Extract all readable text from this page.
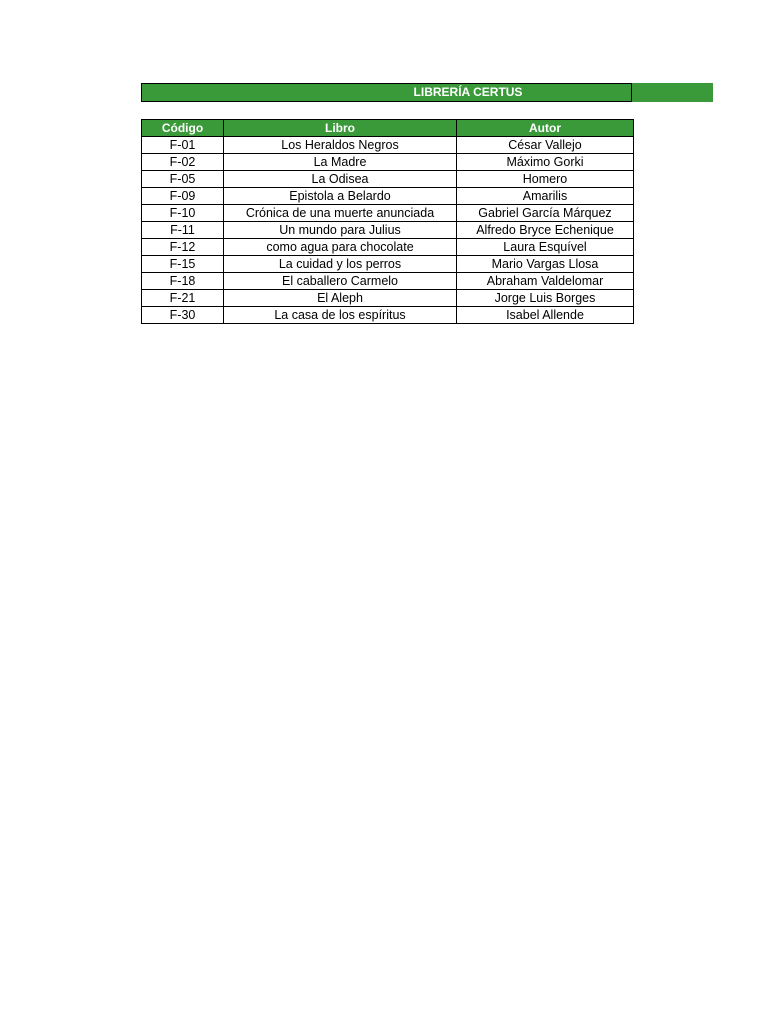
LIBRERÍA CERTUS
Código	Libro	Autor
F-01	Los Heraldos Negros	César Vallejo
F-02	La Madre	Máximo Gorki
F-05	La Odisea	Homero
F-09	Epistola a Belardo	Amarilis
F-10	Crónica de una muerte anunciada	Gabriel García Márquez
F-11	Un mundo para Julius	Alfredo Bryce Echenique
F-12	como agua para chocolate	Laura Esquível
F-15	La cuidad y los perros	Mario Vargas Llosa
F-18	El caballero Carmelo	Abraham Valdelomar
F-21	El Aleph	Jorge Luis Borges
F-30	La casa de los espíritus	Isabel Allende
